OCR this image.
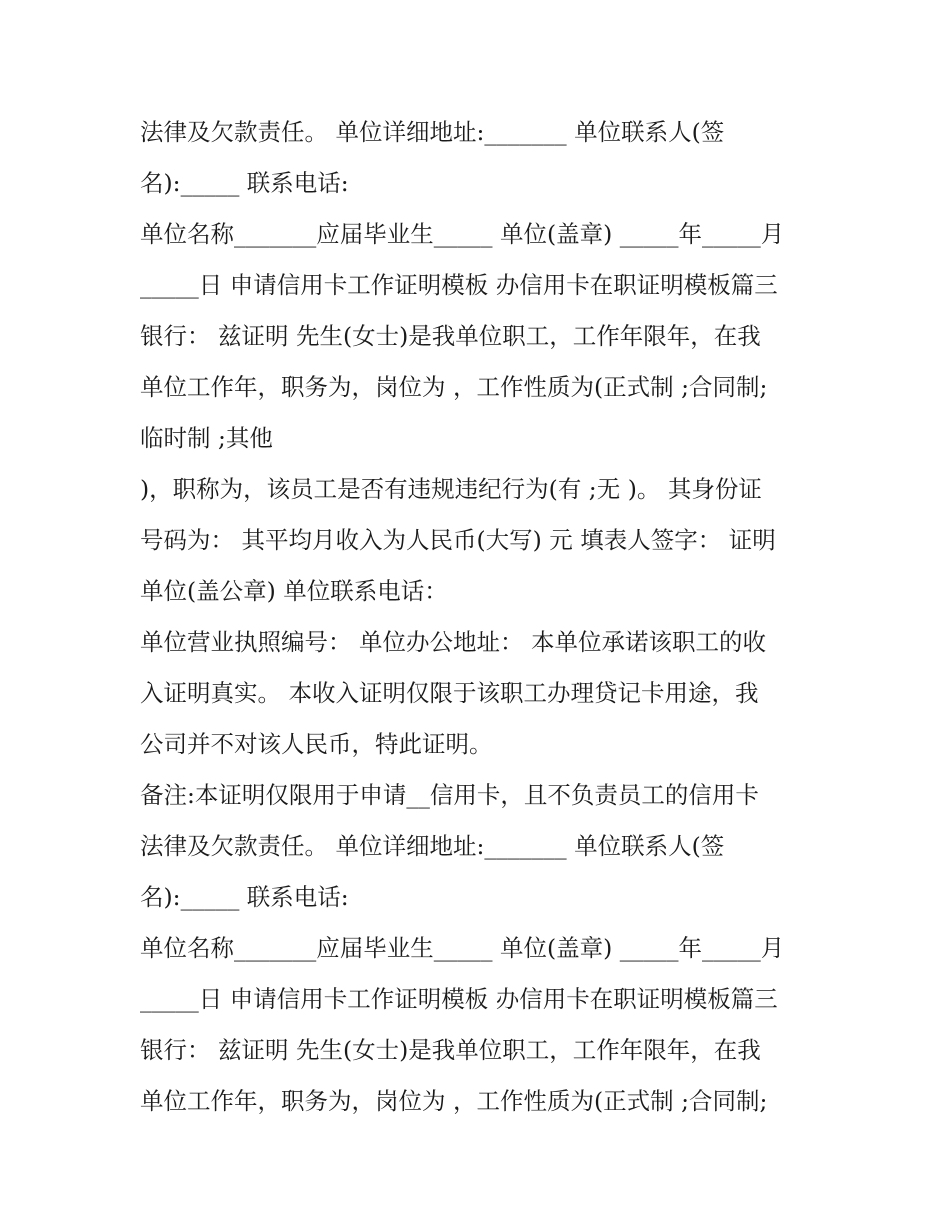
法律及欠款责任。 单位详细地址:_______ 单位联系人(签
名):_____ 联系电话:
单位名称_______应届毕业生_____ 单位(盖章) _____年_____月
_____日 申请信用卡工作证明模板 办信用卡在职证明模板篇三
银行： 兹证明 先生(女士)是我单位职工，工作年限年，在我
单位工作年，职务为，岗位为 ，工作性质为(正式制 ;合同制;
临时制 ;其他
)，职称为，该员工是否有违规违纪行为(有 ;无 )。 其身份证
号码为： 其平均月收入为人民币(大写) 元 填表人签字： 证明
单位(盖公章) 单位联系电话：
单位营业执照编号： 单位办公地址： 本单位承诺该职工的收
入证明真实。 本收入证明仅限于该职工办理贷记卡用途，我
公司并不对该人民币，特此证明。
备注:本证明仅限用于申请__信用卡，且不负责员工的信用卡
法律及欠款责任。 单位详细地址:_______ 单位联系人(签
名):_____ 联系电话:
单位名称_______应届毕业生_____ 单位(盖章) _____年_____月
_____日 申请信用卡工作证明模板 办信用卡在职证明模板篇三
银行： 兹证明 先生(女士)是我单位职工，工作年限年，在我
单位工作年，职务为，岗位为 ，工作性质为(正式制 ;合同制;
